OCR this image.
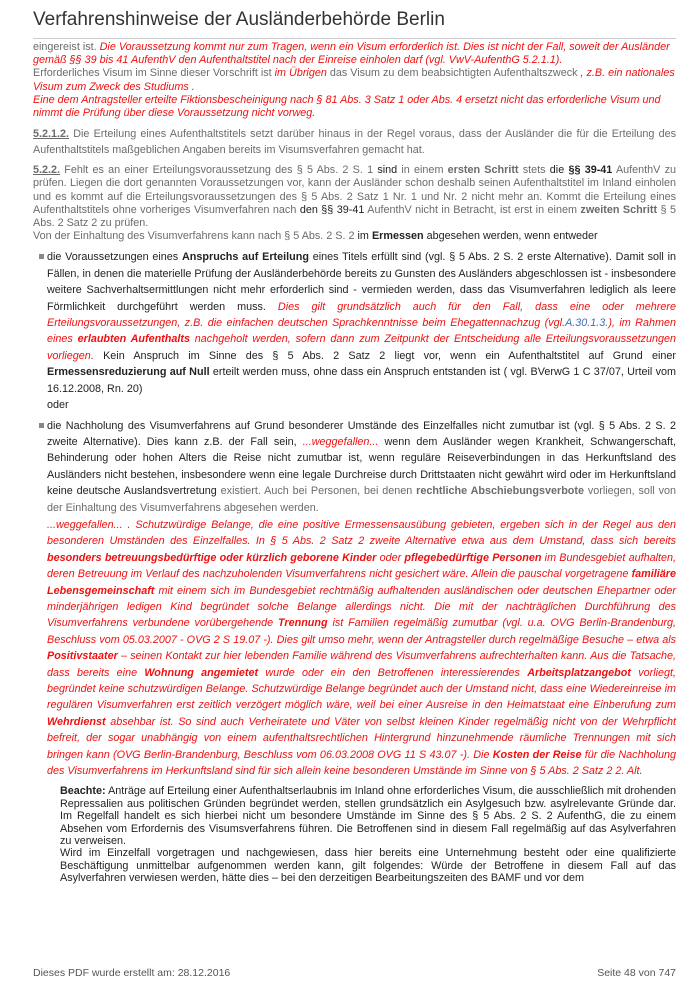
Verfahrenshinweise der Ausländerbehörde Berlin

eingereist ist. Die Voraussetzung kommt nur zum Tragen, wenn ein Visum erforderlich ist. Dies ist nicht der Fall, soweit der Ausländer gemäß §§ 39 bis 41 AufenthV den Aufenthaltstitel nach der Einreise einholen darf (vgl. VwV-AufenthG 5.2.1.1).
Erforderliches Visum im Sinne dieser Vorschrift ist im Übrigen das Visum zu dem beabsichtigten Aufenthaltszweck , z.B. ein nationales Visum zum Zweck des Studiums .
Eine dem Antragsteller erteilte Fiktionsbescheinigung nach § 81 Abs. 3 Satz 1 oder Abs. 4 ersetzt nicht das erforderliche Visum und nimmt die Prüfung über diese Voraussetzung nicht vorweg.

5.2.1.2. Die Erteilung eines Aufenthaltstitels setzt darüber hinaus in der Regel voraus, dass der Ausländer die für die Erteilung des Aufenthaltstitels maßgeblichen Angaben bereits im Visumsverfahren gemacht hat.

5.2.2. Fehlt es an einer Erteilungsvoraussetzung des § 5 Abs. 2 S. 1 sind in einem ersten Schritt stets die §§ 39-41 AufenthV zu prüfen. Liegen die dort genannten Voraussetzungen vor, kann der Ausländer schon deshalb seinen Aufenthaltstitel im Inland einholen und es kommt auf die Erteilungsvoraussetzungen des § 5 Abs. 2 Satz 1 Nr. 1 und Nr. 2 nicht mehr an. Kommt die Erteilung eines Aufenthaltstitels ohne vorheriges Visumverfahren nach den §§ 39-41 AufenthV nicht in Betracht, ist erst in einem zweiten Schritt § 5 Abs. 2 Satz 2 zu prüfen.
Von der Einhaltung des Visumverfahrens kann nach § 5 Abs. 2 S. 2 im Ermessen abgesehen werden, wenn entweder

die Voraussetzungen eines Anspruchs auf Erteilung eines Titels erfüllt sind (vgl. § 5 Abs. 2 S. 2 erste Alternative). Damit soll in Fällen, in denen die materielle Prüfung der Ausländerbehörde bereits zu Gunsten des Ausländers abgeschlossen ist - insbesondere weitere Sachverhaltsermittlungen nicht mehr erforderlich sind - vermieden werden, dass das Visumverfahren lediglich als leere Förmlichkeit durchgeführt werden muss. Dies gilt grundsätzlich auch für den Fall, dass eine oder mehrere Erteilungsvoraussetzungen, z.B. die einfachen deutschen Sprachkenntnisse beim Ehegattennachzug (vgl.A.30.1.3.), im Rahmen eines erlaubten Aufenthalts nachgeholt werden, sofern dann zum Zeitpunkt der Entscheidung alle Erteilungsvoraussetzungen vorliegen. Kein Anspruch im Sinne des § 5 Abs. 2 Satz 2 liegt vor, wenn ein Aufenthaltstitel auf Grund einer Ermessensreduzierung auf Null erteilt werden muss, ohne dass ein Anspruch entstanden ist ( vgl. BVerwG 1 C 37/07, Urteil vom 16.12.2008, Rn. 20)
oder
die Nachholung des Visumverfahrens auf Grund besonderer Umstände des Einzelfalles nicht zumutbar ist (vgl. § 5 Abs. 2 S. 2 zweite Alternative). Dies kann z.B. der Fall sein, ...weggefallen... wenn dem Ausländer wegen Krankheit, Schwangerschaft, Behinderung oder hohen Alters die Reise nicht zumutbar ist, wenn reguläre Reiseverbindungen in das Herkunftsland des Ausländers nicht bestehen, insbesondere wenn eine legale Durchreise durch Drittstaaten nicht gewährt wird oder im Herkunftsland keine deutsche Auslandsvertretung existiert. Auch bei Personen, bei denen rechtliche Abschiebungsverbote vorliegen, soll von der Einhaltung des Visumverfahrens abgesehen werden.
...weggefallen... . Schutzwürdige Belange, die eine positive Ermessensausübung gebieten, ergeben sich in der Regel aus den besonderen Umständen des Einzelfalles. In § 5 Abs. 2 Satz 2 zweite Alternative etwa aus dem Umstand, dass sich bereits besonders betreuungsbedürftige oder kürzlich geborene Kinder oder pflegebedürftige Personen im Bundesgebiet aufhalten, deren Betreuung im Verlauf des nachzuholenden Visumverfahrens nicht gesichert wäre. Allein die pauschal vorgetragene familiäre Lebensgemeinschaft mit einem sich im Bundesgebiet rechtmäßig aufhaltenden ausländischen oder deutschen Ehepartner oder minderjährigen ledigen Kind begründet solche Belange allerdings nicht. Die mit der nachträglichen Durchführung des Visumverfahrens verbundene vorübergehende Trennung ist Familien regelmäßig zumutbar (vgl. u.a. OVG Berlin-Brandenburg, Beschluss vom 05.03.2007 - OVG 2 S 19.07 -). Dies gilt umso mehr, wenn der Antragsteller durch regelmäßige Besuche – etwa als Positivstaater – seinen Kontakt zur hier lebenden Familie während des Visumverfahrens aufrechterhalten kann. Aus die Tatsache, dass bereits eine Wohnung angemietet wurde oder ein den Betroffenen interessierendes Arbeitsplatzangebot vorliegt, begründet keine schutzwürdigen Belange. Schutzwürdige Belange begründet auch der Umstand nicht, dass eine Wiedereinreise im regulären Visumverfahren erst zeitlich verzögert möglich wäre, weil bei einer Ausreise in den Heimatstaat eine Einberufung zum Wehrdienst absehbar ist. So sind auch Verheiratete und Väter von selbst kleinen Kinder regelmäßig nicht von der Wehrpflicht befreit, der sogar unabhängig von einem aufenthaltsrechtlichen Hintergrund hinzunehmende räumliche Trennungen mit sich bringen kann (OVG Berlin-Brandenburg, Beschluss vom 06.03.2008 OVG 11 S 43.07 -). Die Kosten der Reise für die Nachholung des Visumverfahrens im Herkunftsland sind für sich allein keine besonderen Umstände im Sinne von § 5 Abs. 2 Satz 2 2. Alt.
Beachte: Anträge auf Erteilung einer Aufenthaltserlaubnis im Inland ohne erforderliches Visum, die ausschließlich mit drohenden Repressalien aus politischen Gründen begründet werden, stellen grundsätzlich ein Asylgesuch bzw. asylrelevante Gründe dar. Im Regelfall handelt es sich hierbei nicht um besondere Umstände im Sinne des § 5 Abs. 2 S. 2 AufenthG, die zu einem Absehen vom Erfordernis des Visumsverfahrens führen. Die Betroffenen sind in diesem Fall regelmäßig auf das Asylverfahren zu verweisen.
Wird im Einzelfall vorgetragen und nachgewiesen, dass hier bereits eine Unternehmung besteht oder eine qualifizierte Beschäftigung unmittelbar aufgenommen werden kann, gilt folgendes: Würde der Betroffene in diesem Fall auf das Asylverfahren verwiesen werden, hätte dies – bei den derzeitigen Bearbeitungszeiten des BAMF und vor dem
Dieses PDF wurde erstellt am: 28.12.2016	Seite 48 von 747
